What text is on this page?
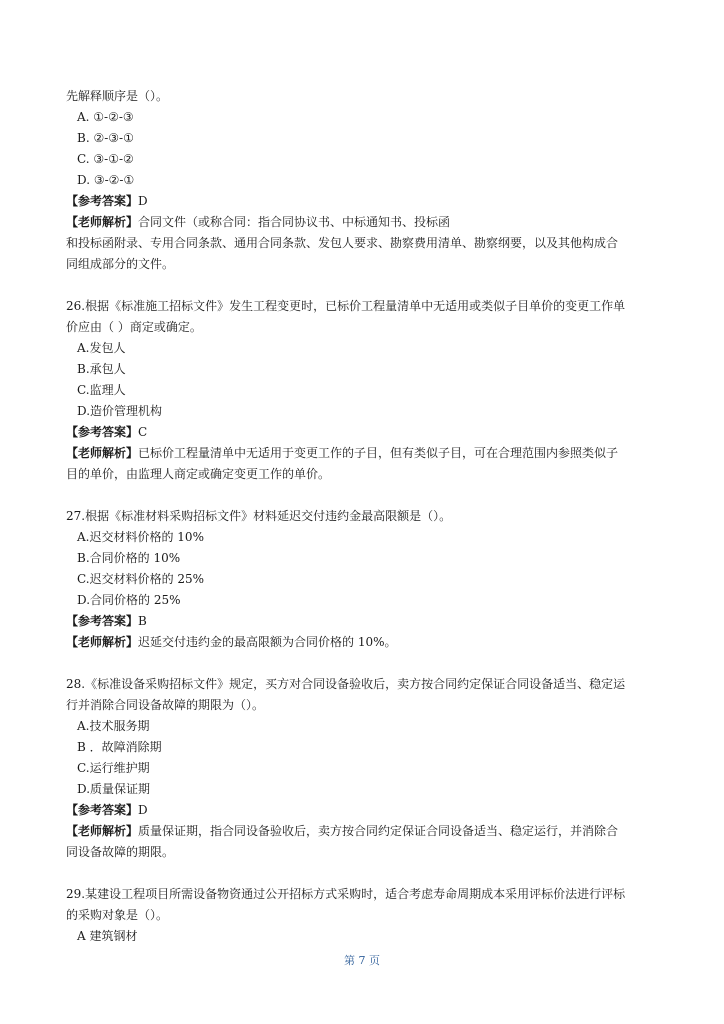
先解释顺序是（）。
A. ①-②-③
B. ②-③-①
C. ③-①-②
D. ③-②-①
【参考答案】D
【老师解析】合同文件（或称合同：指合同协议书、中标通知书、投标函
和投标函附录、专用合同条款、通用合同条款、发包人要求、勘察费用清单、勘察纲要，以及其他构成合
同组成部分的文件。
26.根据《标准施工招标文件》发生工程变更时，已标价工程量清单中无适用或类似子目单价的变更工作单
价应由（ ）商定或确定。
A.发包人
B.承包人
C.监理人
D.造价管理机构
【参考答案】C
【老师解析】已标价工程量清单中无适用于变更工作的子目，但有类似子目，可在合理范围内参照类似子
目的单价，由监理人商定或确定变更工作的单价。
27.根据《标准材料采购招标文件》材料延迟交付违约金最高限额是（）。
A.迟交材料价格的 10%
B.合同价格的 10%
C.迟交材料价格的 25%
D.合同价格的 25%
【参考答案】B
【老师解析】迟延交付违约金的最高限额为合同价格的 10%。
28.《标准设备采购招标文件》规定，买方对合同设备验收后，卖方按合同约定保证合同设备适当、稳定运
行并消除合同设备故障的期限为（）。
A.技术服务期
B ．故障消除期
C.运行维护期
D.质量保证期
【参考答案】D
【老师解析】质量保证期，指合同设备验收后，卖方按合同约定保证合同设备适当、稳定运行，并消除合
同设备故障的期限。
29.某建设工程项目所需设备物资通过公开招标方式采购时，适合考虑寿命周期成本采用评标价法进行评标
的采购对象是（）。
A 建筑钢材
第 7 页
